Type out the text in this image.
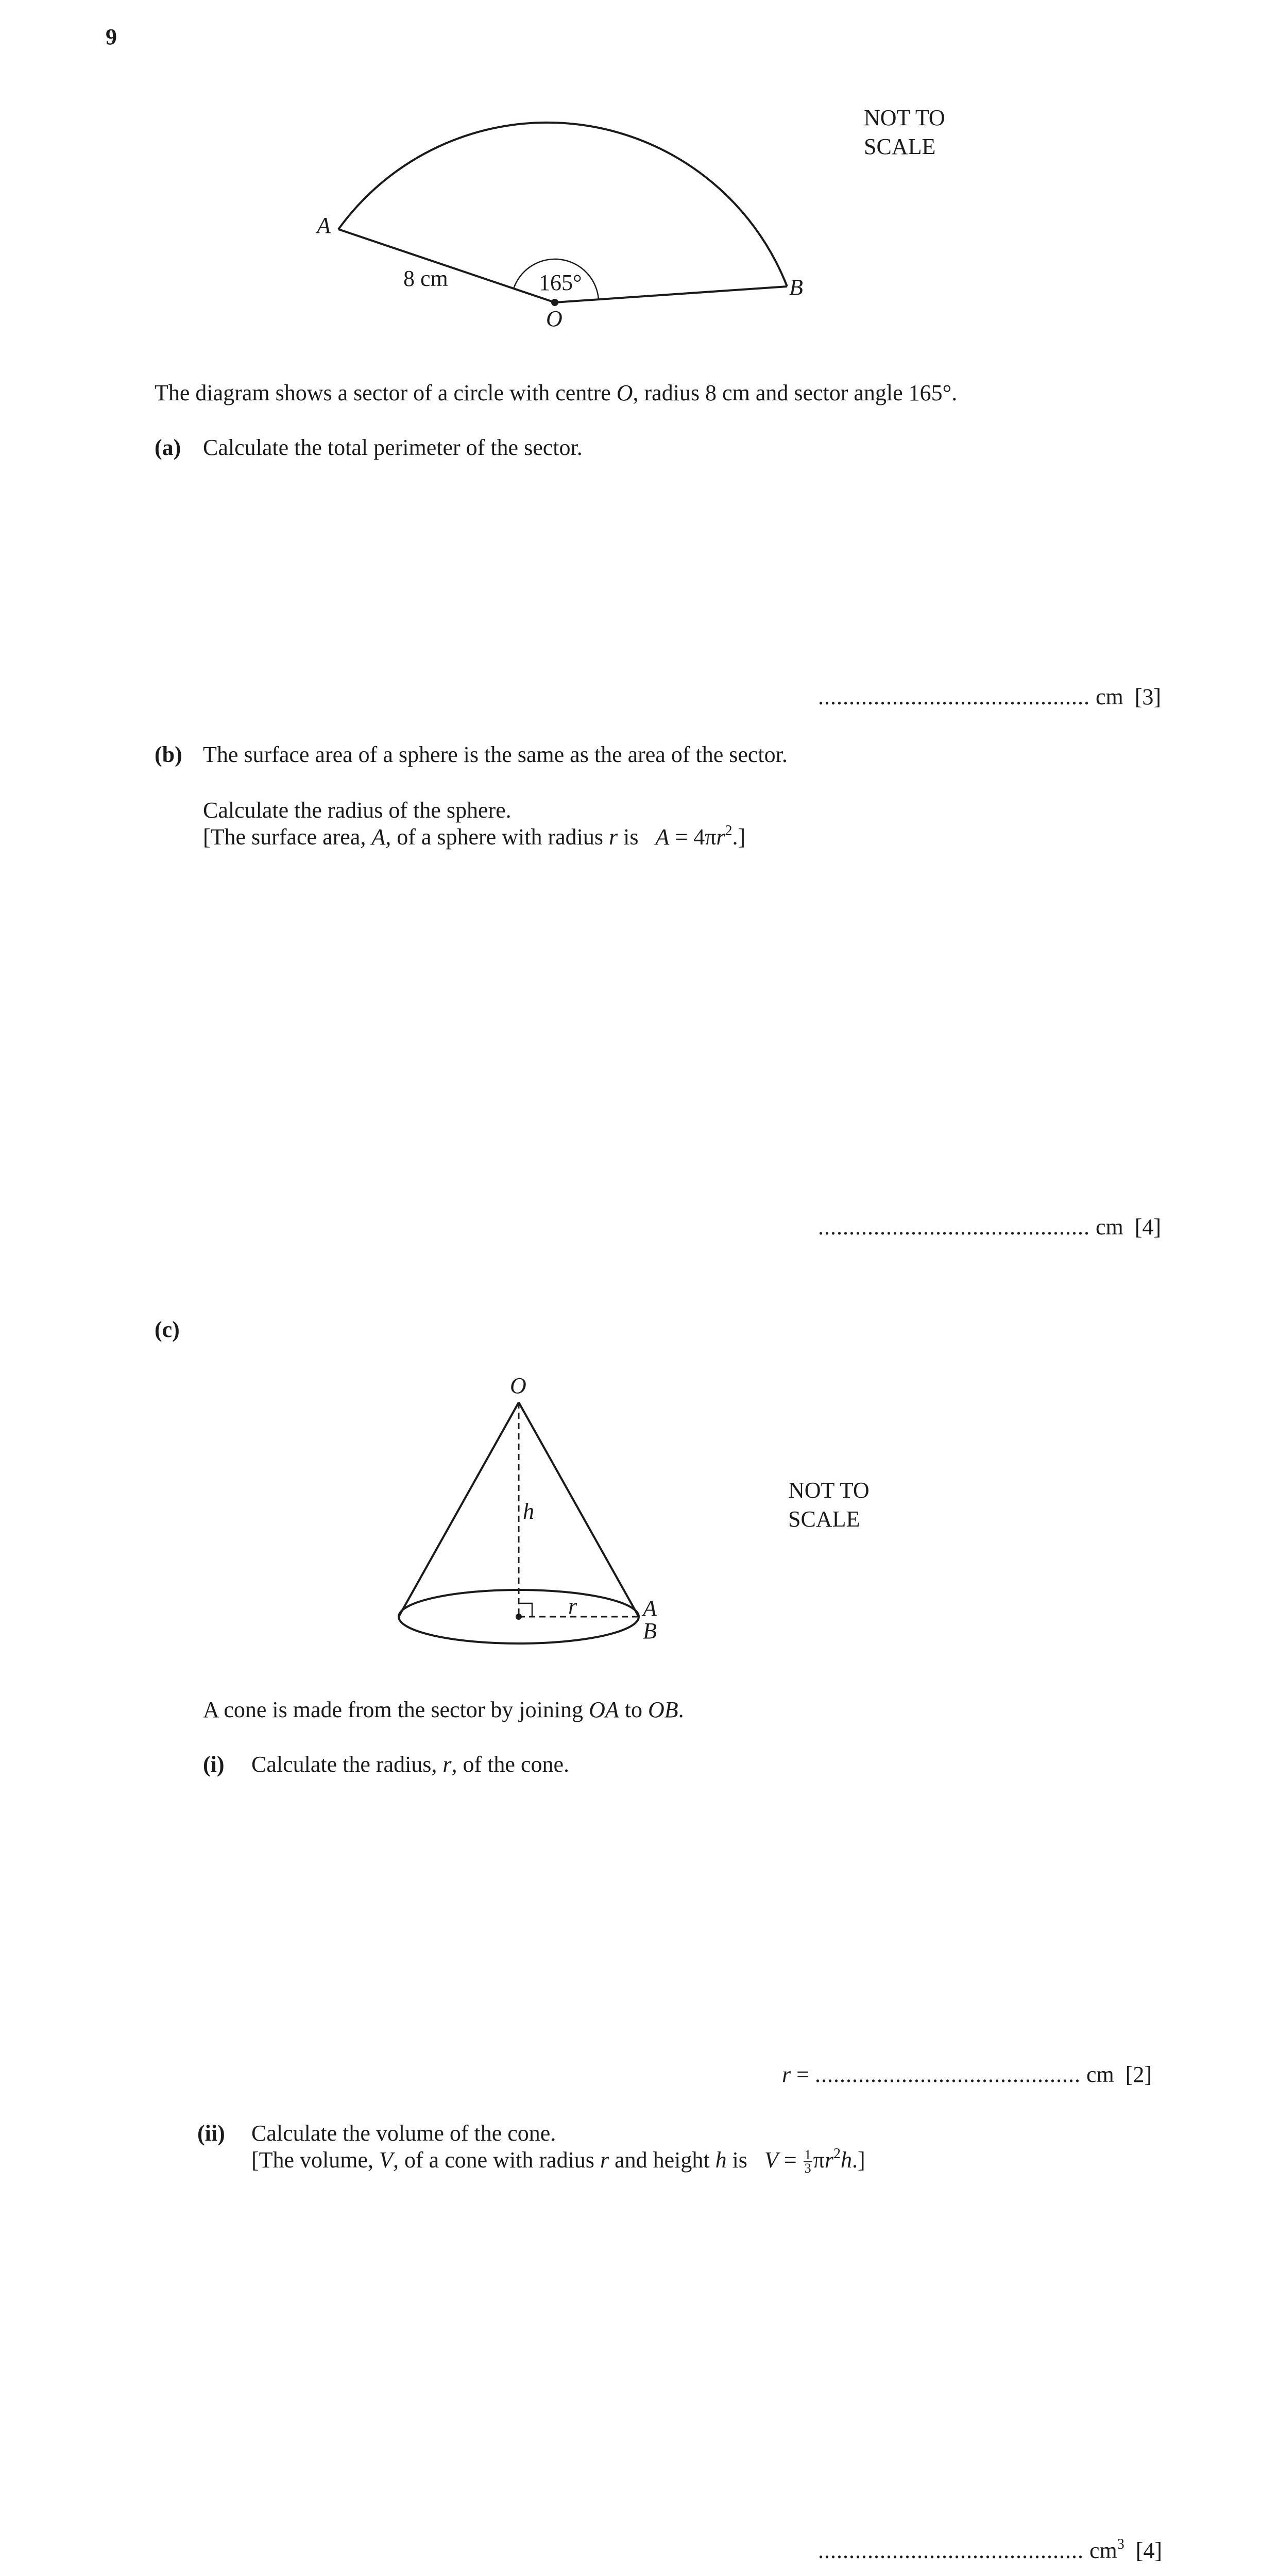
9
A
B
O
8 cm	165°
NOT TO
SCALE
The diagram shows a sector of a circle with centre O, radius 8 cm and sector angle 165°.
(a) Calculate the total perimeter of the sector.
............................................ cm [3]
(b) The surface area of a sphere is the same as the area of the sector.
Calculate the radius of the sphere.
[The surface area, A, of a sphere with radius r is $A = 4\pi r^2$.]
............................................ cm [4]
(c)
O
h
r	A
B
NOT TO
SCALE
A cone is made from the sector by joining OA to OB.
(i) Calculate the radius, r, of the cone.
r = ........................................... cm [2]
(ii) Calculate the volume of the cone.
[The volume, V, of a cone with radius r and height h is $V = \frac{1}{3} \pi r^2h$.]
........................................... $cm^3$ [4]
